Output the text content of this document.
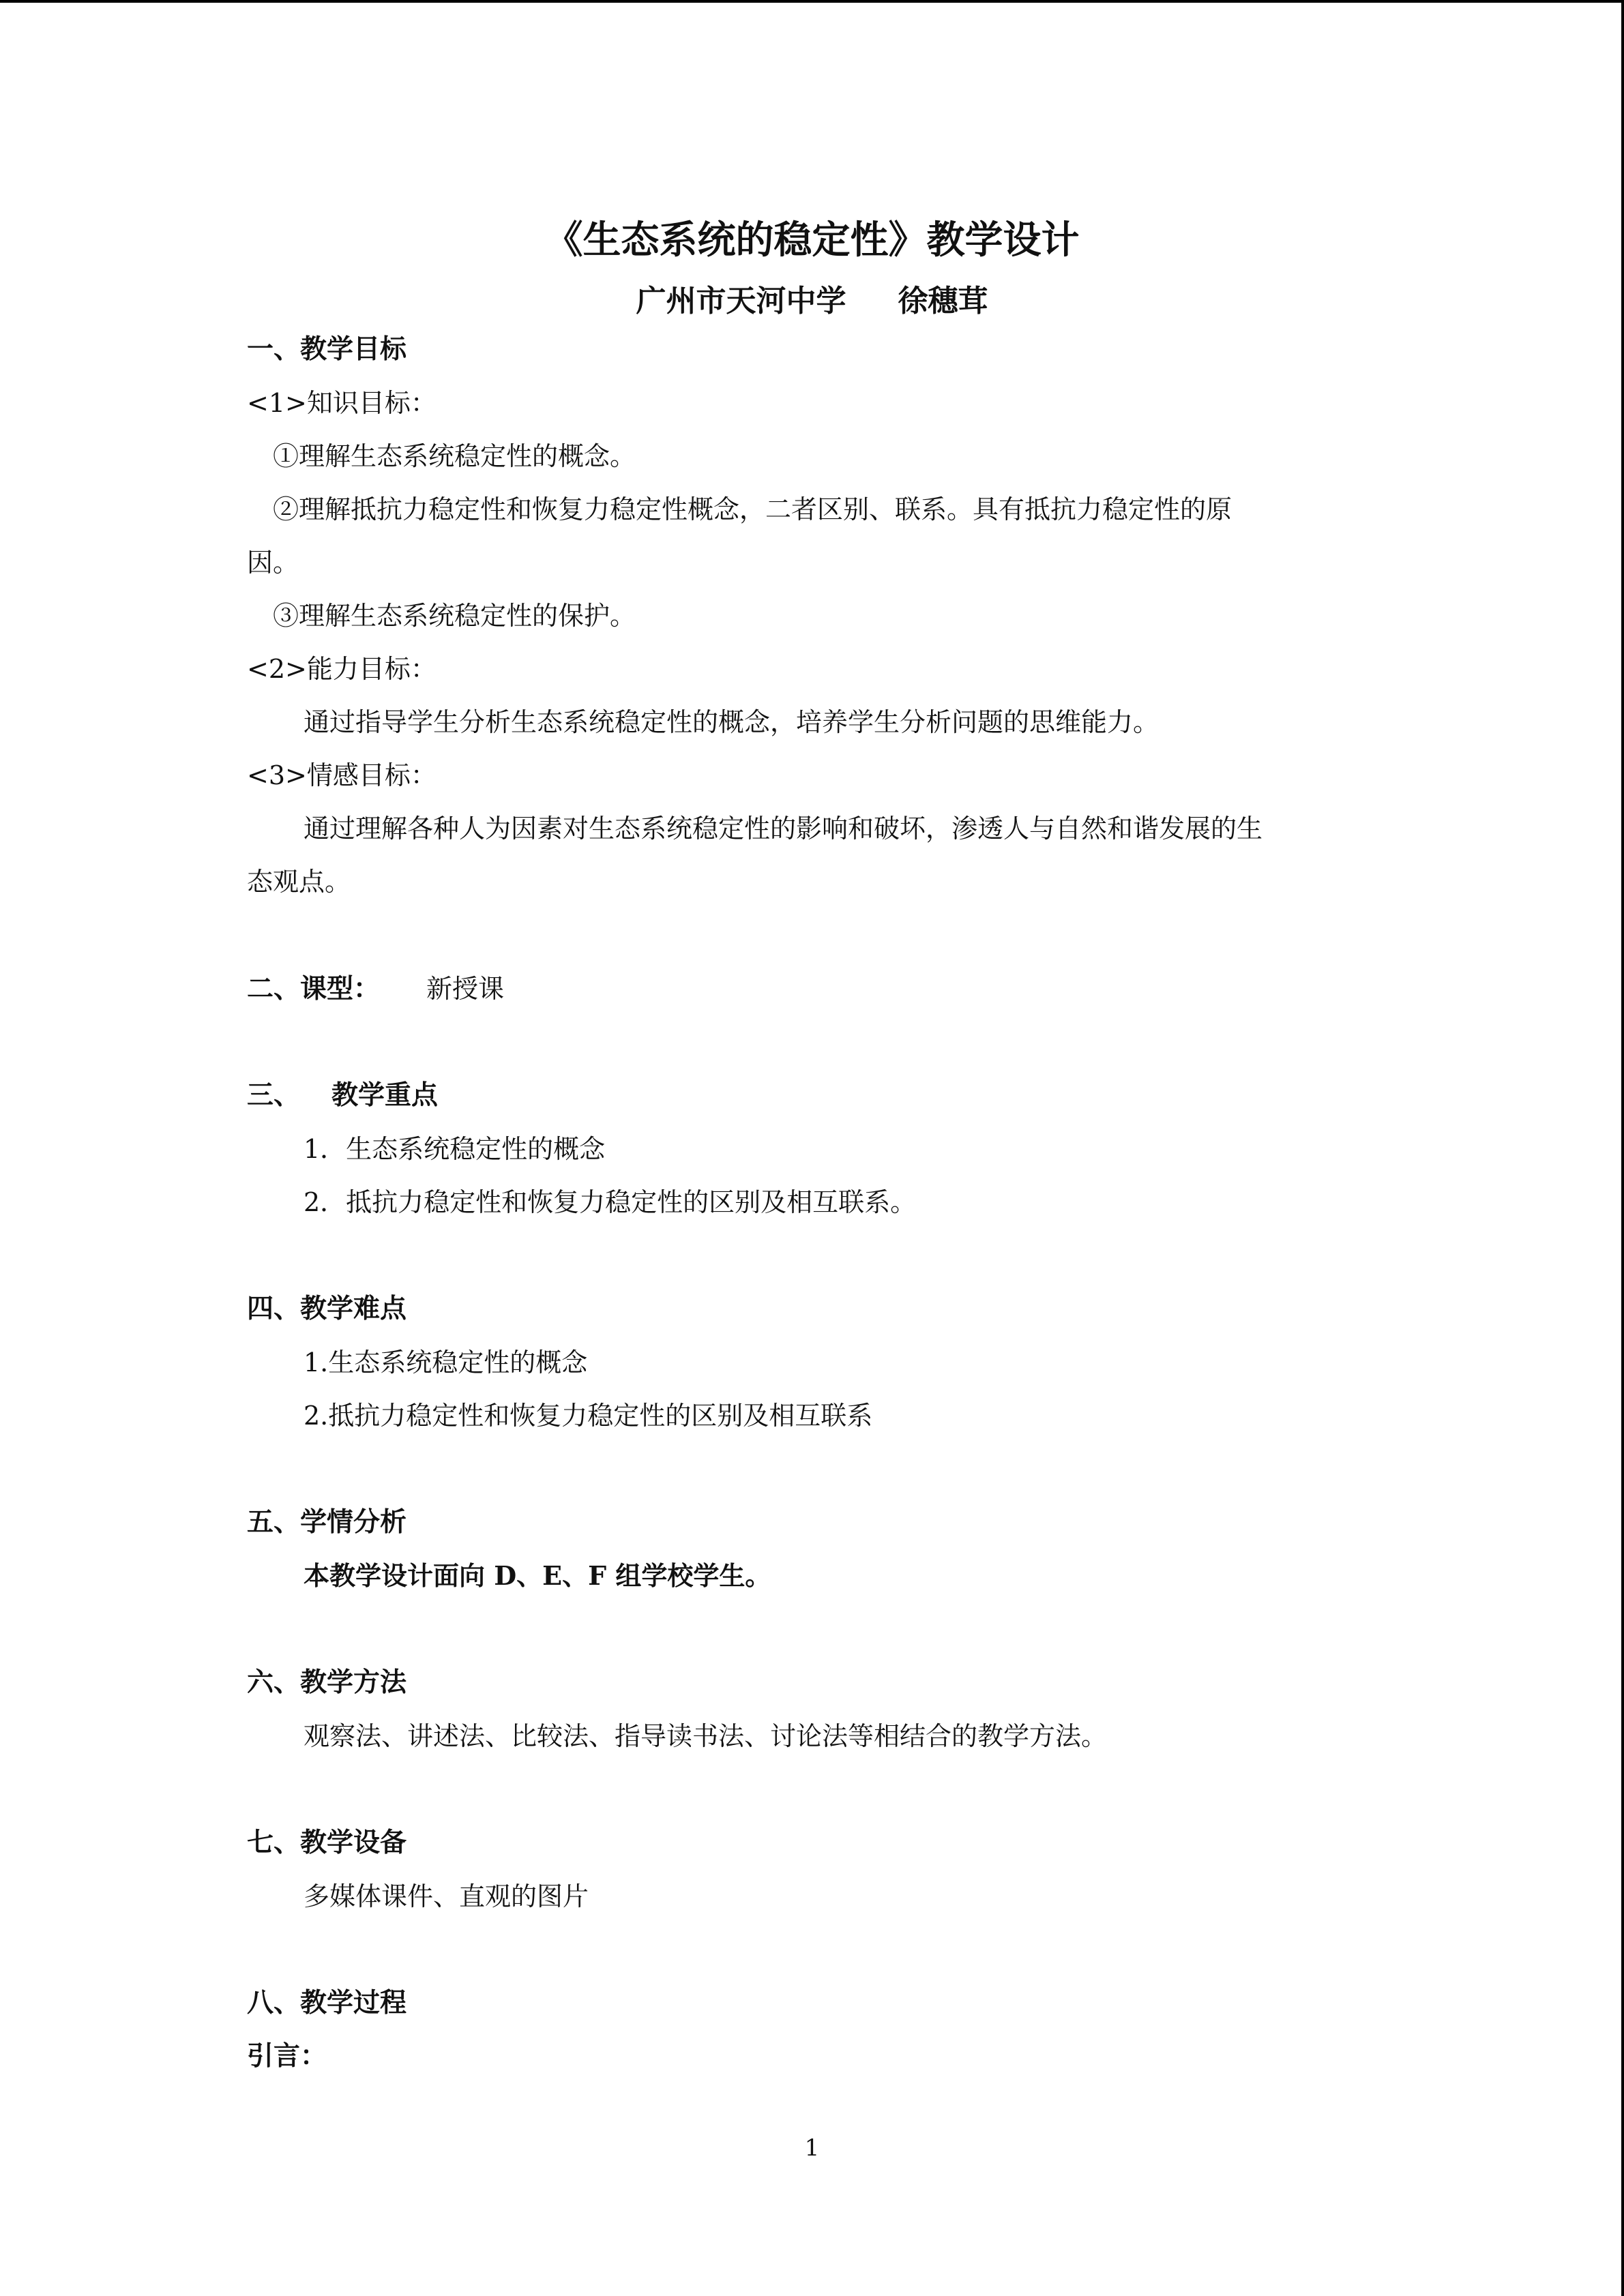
《生态系统的稳定性》教学设计
广州市天河中学 徐穗茸
一、教学目标
<1>知识目标：
①理解生态系统稳定性的概念。
②理解抵抗力稳定性和恢复力稳定性概念，二者区别、联系。具有抵抗力稳定性的原
因。
③理解生态系统稳定性的保护。
<2>能力目标：
通过指导学生分析生态系统稳定性的概念，培养学生分析问题的思维能力。
<3>情感目标：
通过理解各种人为因素对生态系统稳定性的影响和破坏，渗透人与自然和谐发展的生
态观点。
二、课型： 新授课
三、 教学重点
1．生态系统稳定性的概念
2．抵抗力稳定性和恢复力稳定性的区别及相互联系。
四、教学难点
1.生态系统稳定性的概念
2.抵抗力稳定性和恢复力稳定性的区别及相互联系
五、学情分析
本教学设计面向 D、E、F 组学校学生。
六、教学方法
观察法、讲述法、比较法、指导读书法、讨论法等相结合的教学方法。
七、教学设备
多媒体课件、直观的图片
八、教学过程
引言：
1
